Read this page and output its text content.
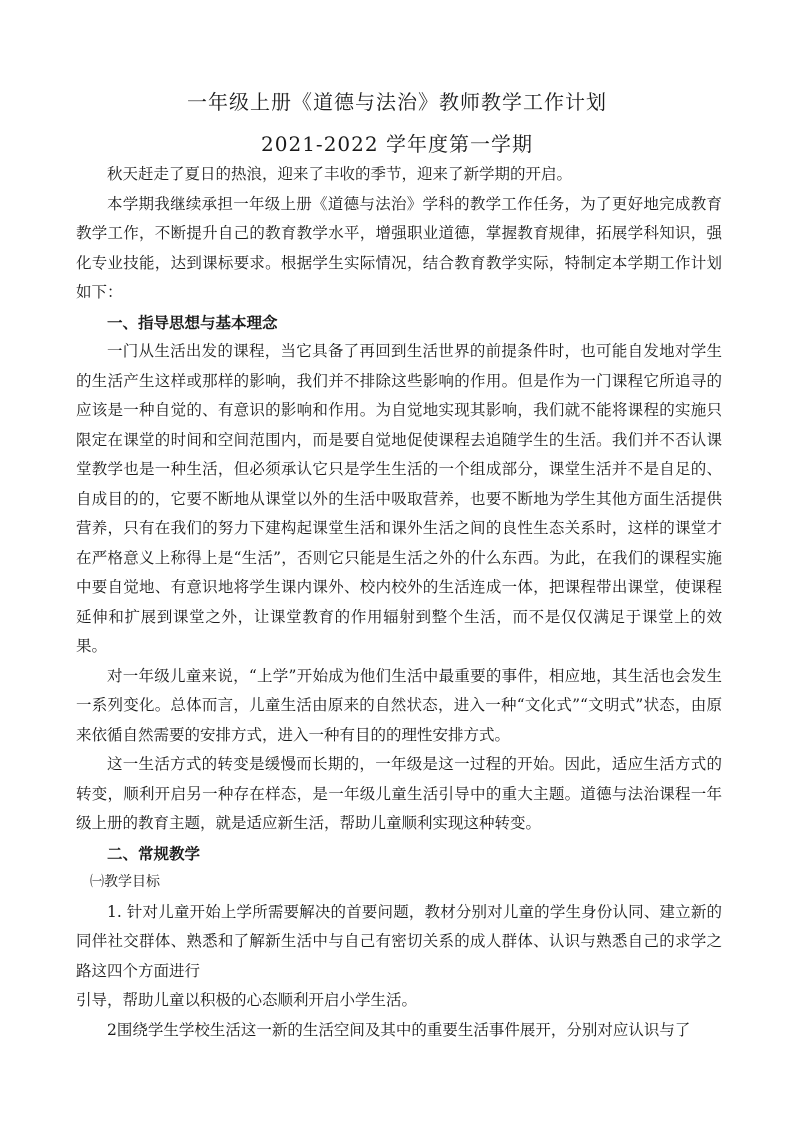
一年级上册《道德与法治》教师教学工作计划
2021-2022 学年度第一学期

秋天赶走了夏日的热浪，迎来了丰收的季节，迎来了新学期的开启。

本学期我继续承担一年级上册《道德与法治》学科的教学工作任务，为了更好地完成教育教学工作，不断提升自己的教育教学水平，增强职业道德，掌握教育规律，拓展学科知识，强化专业技能，达到课标要求。根据学生实际情况，结合教育教学实际，特制定本学期工作计划如下：

一、指导思想与基本理念

一门从生活出发的课程，当它具备了再回到生活世界的前提条件时，也可能自发地对学生的生活产生这样或那样的影响，我们并不排除这些影响的作用。但是作为一门课程它所追寻的应该是一种自觉的、有意识的影响和作用。为自觉地实现其影响，我们就不能将课程的实施只限定在课堂的时间和空间范围内，而是要自觉地促使课程去追随学生的生活。我们并不否认课堂教学也是一种生活，但必须承认它只是学生生活的一个组成部分，课堂生活并不是自足的、自成目的的，它要不断地从课堂以外的生活中吸取营养，也要不断地为学生其他方面生活提供营养，只有在我们的努力下建构起课堂生活和课外生活之间的良性生态关系时，这样的课堂才在严格意义上称得上是“生活”，否则它只能是生活之外的什么东西。为此，在我们的课程实施中要自觉地、有意识地将学生课内课外、校内校外的生活连成一体，把课程带出课堂，使课程延伸和扩展到课堂之外，让课堂教育的作用辐射到整个生活，而不是仅仅满足于课堂上的效果。

对一年级儿童来说，“上学”开始成为他们生活中最重要的事件，相应地，其生活也会发生一系列变化。总体而言，儿童生活由原来的自然状态，进入一种“文化式”“文明式”状态，由原来依循自然需要的安排方式，进入一种有目的的理性安排方式。

这一生活方式的转变是缓慢而长期的，一年级是这一过程的开始。因此，适应生活方式的转变，顺利开启另一种存在样态，是一年级儿童生活引导中的重大主题。道德与法治课程一年级上册的教育主题，就是适应新生活，帮助儿童顺利实现这种转变。

二、常规教学

㈠教学目标

1. 针对儿童开始上学所需要解决的首要问题，教材分别对儿童的学生身份认同、建立新的同伴社交群体、熟悉和了解新生活中与自己有密切关系的成人群体、认识与熟悉自己的求学之路这四个方面进行

引导，帮助儿童以积极的心态顺利开启小学生活。

2围绕学生学校生活这一新的生活空间及其中的重要生活事件展开，分别对应认识与了
